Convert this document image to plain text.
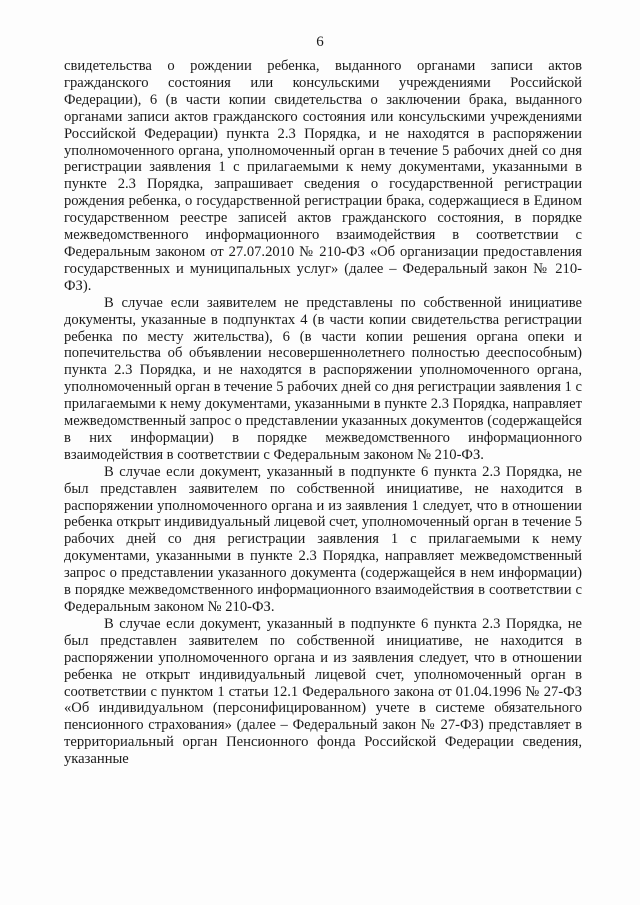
6

свидетельства о рождении ребенка, выданного органами записи актов гражданского состояния или консульскими учреждениями Российской Федерации), 6 (в части копии свидетельства о заключении брака, выданного органами записи актов гражданского состояния или консульскими учреждениями Российской Федерации) пункта 2.3 Порядка, и не находятся в распоряжении уполномоченного органа, уполномоченный орган в течение 5 рабочих дней со дня регистрации заявления 1 с прилагаемыми к нему документами, указанными в пункте 2.3 Порядка, запрашивает сведения о государственной регистрации рождения ребенка, о государственной регистрации брака, содержащиеся в Едином государственном реестре записей актов гражданского состояния, в порядке межведомственного информационного взаимодействия в соответствии с Федеральным законом от 27.07.2010 № 210-ФЗ «Об организации предоставления государственных и муниципальных услуг» (далее – Федеральный закон № 210-ФЗ).

В случае если заявителем не представлены по собственной инициативе документы, указанные в подпунктах 4 (в части копии свидетельства регистрации ребенка по месту жительства), 6 (в части копии решения органа опеки и попечительства об объявлении несовершеннолетнего полностью дееспособным) пункта 2.3 Порядка, и не находятся в распоряжении уполномоченного органа, уполномоченный орган в течение 5 рабочих дней со дня регистрации заявления 1 с прилагаемыми к нему документами, указанными в пункте 2.3 Порядка, направляет межведомственный запрос о представлении указанных документов (содержащейся в них информации) в порядке межведомственного информационного взаимодействия в соответствии с Федеральным законом № 210-ФЗ.

В случае если документ, указанный в подпункте 6 пункта 2.3 Порядка, не был представлен заявителем по собственной инициативе, не находится в распоряжении уполномоченного органа и из заявления 1 следует, что в отношении ребенка открыт индивидуальный лицевой счет, уполномоченный орган в течение 5 рабочих дней со дня регистрации заявления 1 с прилагаемыми к нему документами, указанными в пункте 2.3 Порядка, направляет межведомственный запрос о представлении указанного документа (содержащейся в нем информации) в порядке межведомственного информационного взаимодействия в соответствии с Федеральным законом № 210-ФЗ.

В случае если документ, указанный в подпункте 6 пункта 2.3 Порядка, не был представлен заявителем по собственной инициативе, не находится в распоряжении уполномоченного органа и из заявления следует, что в отношении ребенка не открыт индивидуальный лицевой счет, уполномоченный орган в соответствии с пунктом 1 статьи 12.1 Федерального закона от 01.04.1996 № 27-ФЗ «Об индивидуальном (персонифицированном) учете в системе обязательного пенсионного страхования» (далее – Федеральный закон № 27-ФЗ) представляет в территориальный орган Пенсионного фонда Российской Федерации сведения, указанные
